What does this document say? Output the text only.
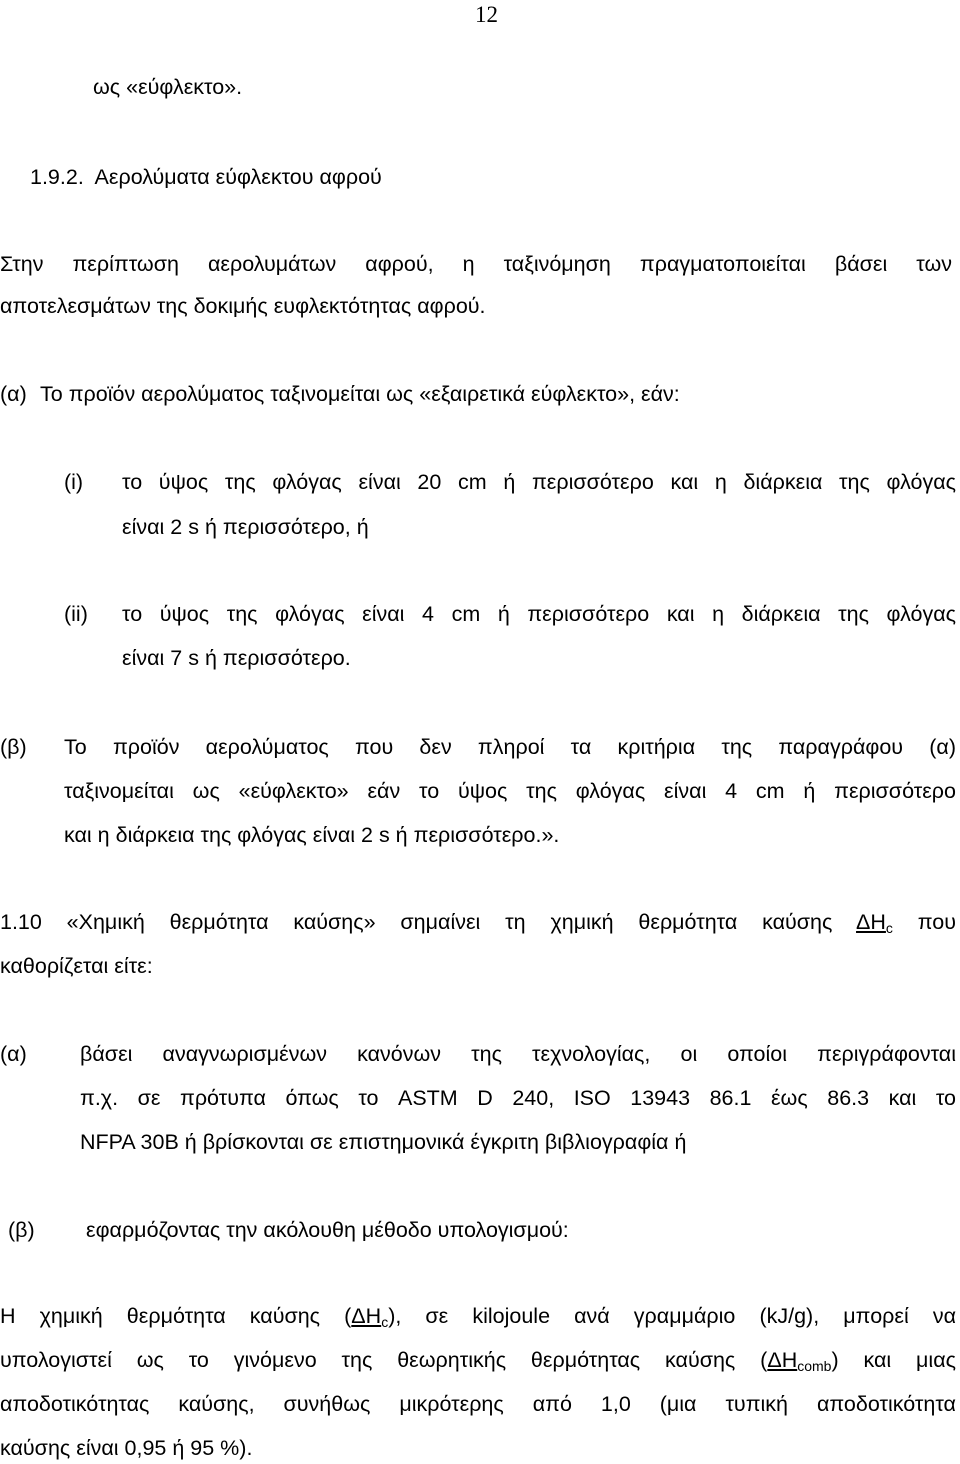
12
ως «εύφλεκτο».
1.9.2.  Αερολύματα εύφλεκτου αφρού
Στην περίπτωση αερολυμάτων αφρού, η ταξινόμηση πραγματοποιείται βάσει των
αποτελεσμάτων της δοκιμής ευφλεκτότητας αφρού.
(α) Το προϊόν αερολύματος ταξινομείται ως «εξαιρετικά εύφλεκτο», εάν:
(i) το ύψος της φλόγας είναι 20 cm ή περισσότερο και η διάρκεια της φλόγας
είναι 2 s ή περισσότερο, ή
(ii) το ύψος της φλόγας είναι 4 cm ή περισσότερο και η διάρκεια της φλόγας
είναι 7 s ή περισσότερο.
(β) Το προϊόν αερολύματος που δεν πληροί τα κριτήρια της παραγράφου (α)
ταξινομείται ως «εύφλεκτο» εάν το ύψος της φλόγας είναι 4 cm ή περισσότερο
και η διάρκεια της φλόγας είναι 2 s ή περισσότερο.».
1.10 «Χημική θερμότητα καύσης» σημαίνει τη χημική θερμότητα καύσης ΔHc που
καθορίζεται είτε:
(α) βάσει αναγνωρισμένων κανόνων της τεχνολογίας, οι οποίοι περιγράφονται
π.χ. σε πρότυπα όπως το ASTM D 240, ISO 13943 86.1 έως 86.3 και το
NFPA 30B ή βρίσκονται σε επιστημονικά έγκριτη βιβλιογραφία ή
(β) εφαρμόζοντας την ακόλουθη μέθοδο υπολογισμού:
Η χημική θερμότητα καύσης (ΔHc), σε kilojoule ανά γραμμάριο (kJ/g), μπορεί να
υπολογιστεί ως το γινόμενο της θεωρητικής θερμότητας καύσης (ΔHcomb) και μιας
αποδοτικότητας καύσης, συνήθως μικρότερης από 1,0 (μια τυπική αποδοτικότητα
καύσης είναι 0,95 ή 95 %).
